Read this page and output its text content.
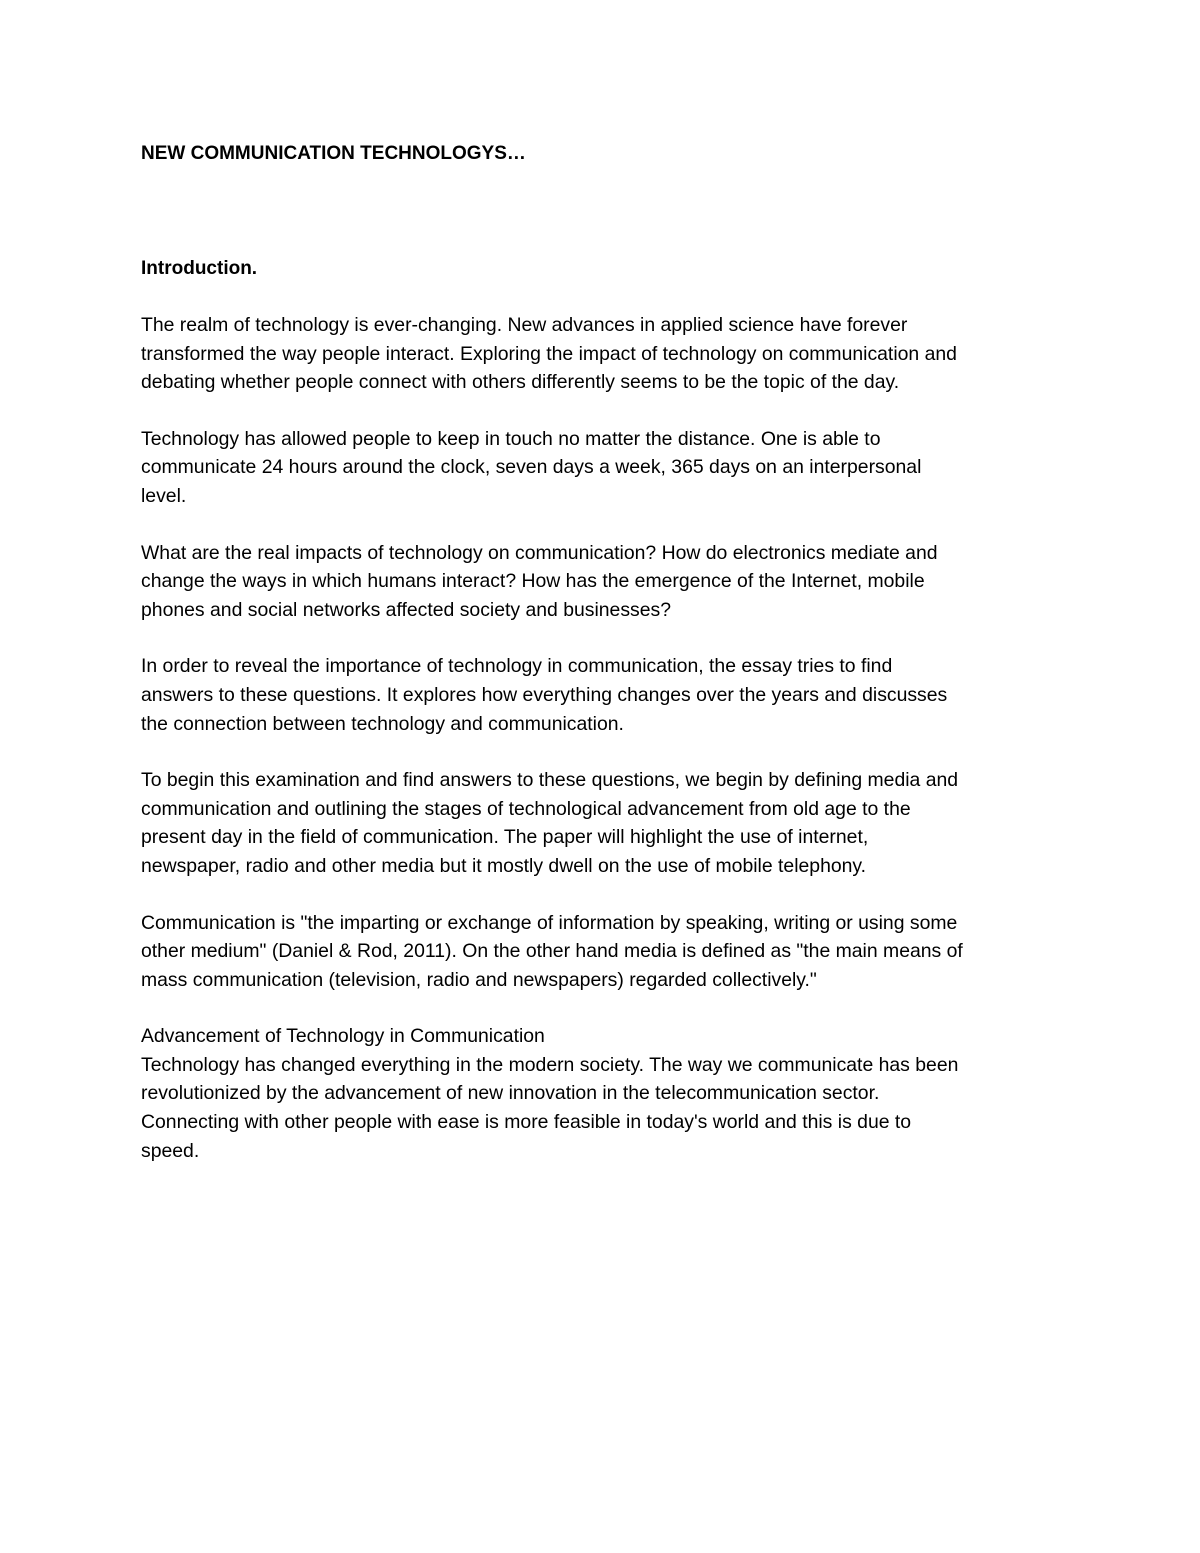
NEW COMMUNICATION TECHNOLOGYS…
Introduction.
The realm of technology is ever-changing. New advances in applied science have forever
transformed the way people interact. Exploring the impact of technology on communication and
debating whether people connect with others differently seems to be the topic of the day.
Technology has allowed people to keep in touch no matter the distance. One is able to
communicate 24 hours around the clock, seven days a week, 365 days on an interpersonal
level.
What are the real impacts of technology on communication? How do electronics mediate and
change the ways in which humans interact? How has the emergence of the Internet, mobile
phones and social networks affected society and businesses?
In order to reveal the importance of technology in communication, the essay tries to find
answers to these questions. It explores how everything changes over the years and discusses
the connection between technology and communication.
To begin this examination and find answers to these questions, we begin by defining media and
communication and outlining the stages of technological advancement from old age to the
present day in the field of communication. The paper will highlight the use of internet,
newspaper, radio and other media but it mostly dwell on the use of mobile telephony.
Communication is "the imparting or exchange of information by speaking, writing or using some
other medium" (Daniel & Rod, 2011). On the other hand media is defined as "the main means of
mass communication (television, radio and newspapers) regarded collectively."
Advancement of Technology in Communication
Technology has changed everything in the modern society. The way we communicate has been
revolutionized by the advancement of new innovation in the telecommunication sector.
Connecting with other people with ease is more feasible in today's world and this is due to
speed.
